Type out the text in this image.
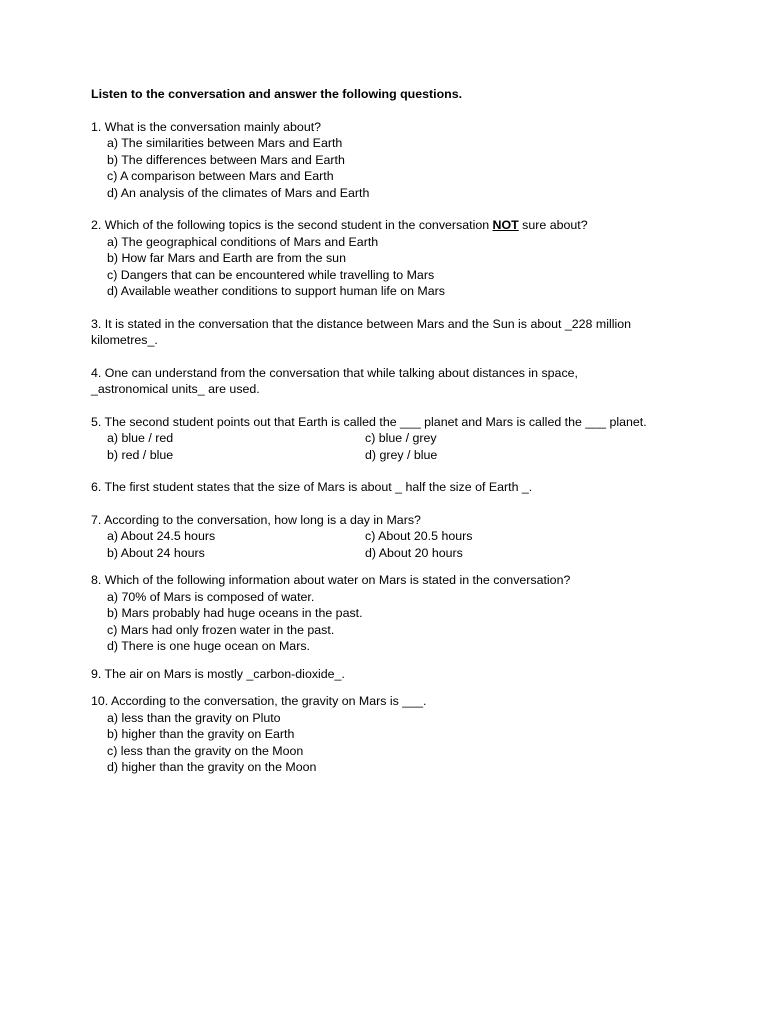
Listen to the conversation and answer the following questions.

1. What is the conversation mainly about?
a) The similarities between Mars and Earth
b) The differences between Mars and Earth
c) A comparison between Mars and Earth
d) An analysis of the climates of Mars and Earth
2. Which of the following topics is the second student in the conversation NOT sure about?
a) The geographical conditions of Mars and Earth
b) How far Mars and Earth are from the sun
c) Dangers that can be encountered while travelling to Mars
d) Available weather conditions to support human life on Mars
3. It is stated in the conversation that the distance between Mars and the Sun is about _228 million
kilometres_.
4. One can understand from the conversation that while talking about distances in space,
_astronomical units_ are used.
5. The second student points out that Earth is called the ___ planet and Mars is called the ___ planet.
a) blue / red	c) blue / grey
b) red / blue	d) grey / blue
6. The first student states that the size of Mars is about _ half the size of Earth _.
7. According to the conversation, how long is a day in Mars?
a) About 24.5 hours	c) About 20.5 hours
b) About 24 hours	d) About 20 hours
8. Which of the following information about water on Mars is stated in the conversation?
a) 70% of Mars is composed of water.
b) Mars probably had huge oceans in the past.
c) Mars had only frozen water in the past.
d) There is one huge ocean on Mars.
9. The air on Mars is mostly _carbon-dioxide_.
10. According to the conversation, the gravity on Mars is ___.
a) less than the gravity on Pluto
b) higher than the gravity on Earth
c) less than the gravity on the Moon
d) higher than the gravity on the Moon
